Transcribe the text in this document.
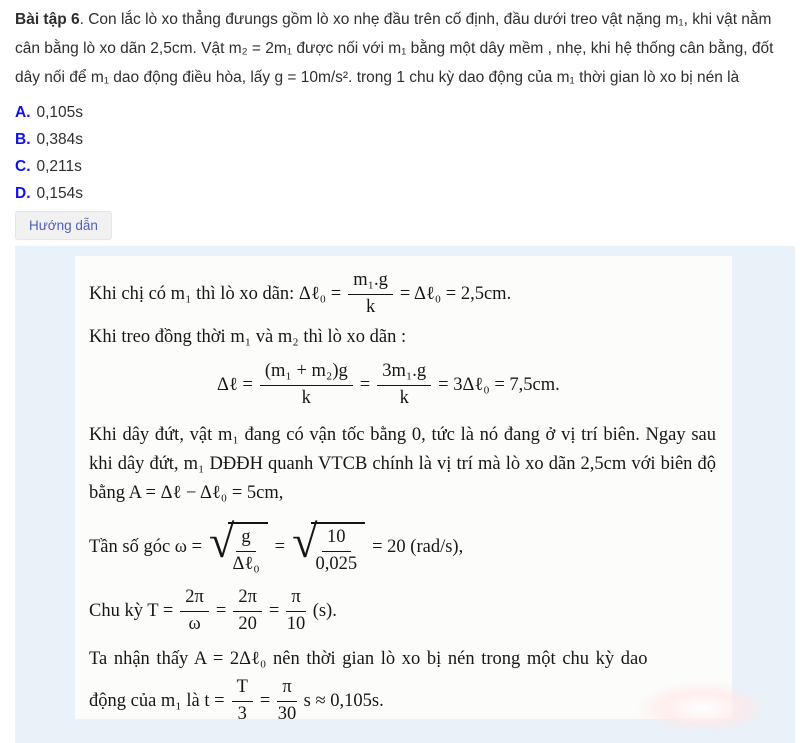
Bài tập 6. Con lắc lò xo thẳng đưungs gồm lò xo nhẹ đầu trên cố định, đầu dưới treo vật nặng m₁, khi vật nằm cân bằng lò xo dãn 2,5cm. Vật m₂ = 2m₁ được nối với m₁ bằng một dây mềm , nhẹ, khi hệ thống cân bằng, đốt dây nối để m₁ dao động điều hòa, lấy g = 10m/s². trong 1 chu kỳ dao động của m₁ thời gian lò xo bị nén là
A. 0,105s
B. 0,384s
C. 0,211s
D. 0,154s
Hướng dẫn
Khi chị có m₁ thì lò xo dãn: Δℓ₀ = $\frac{\text{m₁.g}}{k}$ = Δℓ₀ = 2,5cm.
Khi treo đồng thời m₁ và m₂ thì lò xo dãn :
Δℓ = $\frac{\text{(m₁ + m₂)g}}{k} = \frac{\text{3m₁.g}}{k}$ = 3Δℓ₀ = 7,5cm.
Khi dây đứt, vật m₁ đang có vận tốc bằng 0, tức là nó đang ở vị trí biên. Ngay sau khi dây đứt, m₁ DĐĐH quanh VTCB chính là vị trí mà lò xo dãn 2,5cm với biên độ bằng A = Δℓ − Δℓ₀ = 5cm,
Tần số góc ω = √
$\frac{g}{\text{Δℓ₀}}$ = √
$\frac{10}{0,025} = 20$ (rad/s),
Chu kỳ $T = \frac{2\pi}{\omega} = \frac{2\pi}{20} = \frac{\pi}{10} (s)$.
Ta nhận thấy A = 2Δℓ₀ nên thời gian lò xo bị nén trong một chu kỳ dao
động của m₁ là $t = \frac{T}{3} = \frac{\pi}{30}$ s ≈ 0,105s.
